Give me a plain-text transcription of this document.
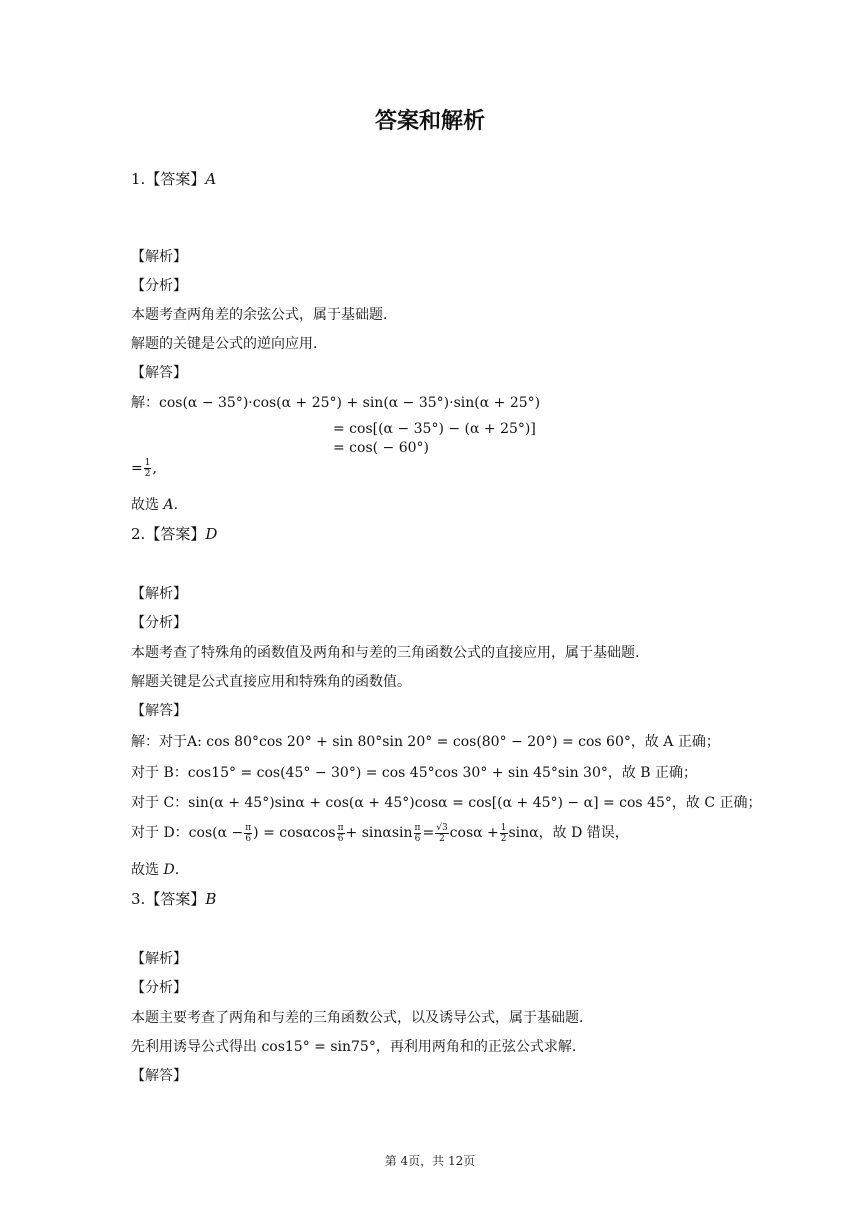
答案和解析
1.【答案】A
【解析】
【分析】
本题考查两角差的余弦公式，属于基础题．
解题的关键是公式的逆向应用．
【解答】
解：cos(α − 35°)·cos(α + 25°) + sin(α − 35°)·sin(α + 25°)
= cos[(α − 35°) − (α + 25°)]
= cos( − 60°)
= $\frac{1}{2}$ ,
故选 A.
2.【答案】D
【解析】
【分析】
本题考查了特殊角的函数值及两角和与差的三角函数公式的直接应用，属于基础题.
解题关键是公式直接应用和特殊角的函数值。
【解答】
解：对于A: cos 80°cos 20° + sin 80°sin 20° = cos(80° − 20°) = cos 60°，故 A 正确；
对于 B：cos15° = cos(45° − 30°) = cos 45°cos 30° + sin 45°sin 30°，故 B 正确；
对于 C：sin(α + 45°)sinα + cos(α + 45°)cosα = cos[(α + 45°) − α] = cos 45°，故 C 正确；
对于 D：$\cos(\alpha - \frac{\pi}{6}$ ) = cosαcos $\frac{\pi}{6} + \sin\alpha\sin \frac{\pi}{6} = \frac{√3}{2}$ $\cos\alpha + \frac{1}{2}$ sinα，故 D 错误，
故选 D.
3.【答案】B
【解析】
【分析】
本题主要考查了两角和与差的三角函数公式，以及诱导公式，属于基础题．
先利用诱导公式得出 cos15° = sin75°，再利用两角和的正弦公式求解．
【解答】
第 4页，共 12页
